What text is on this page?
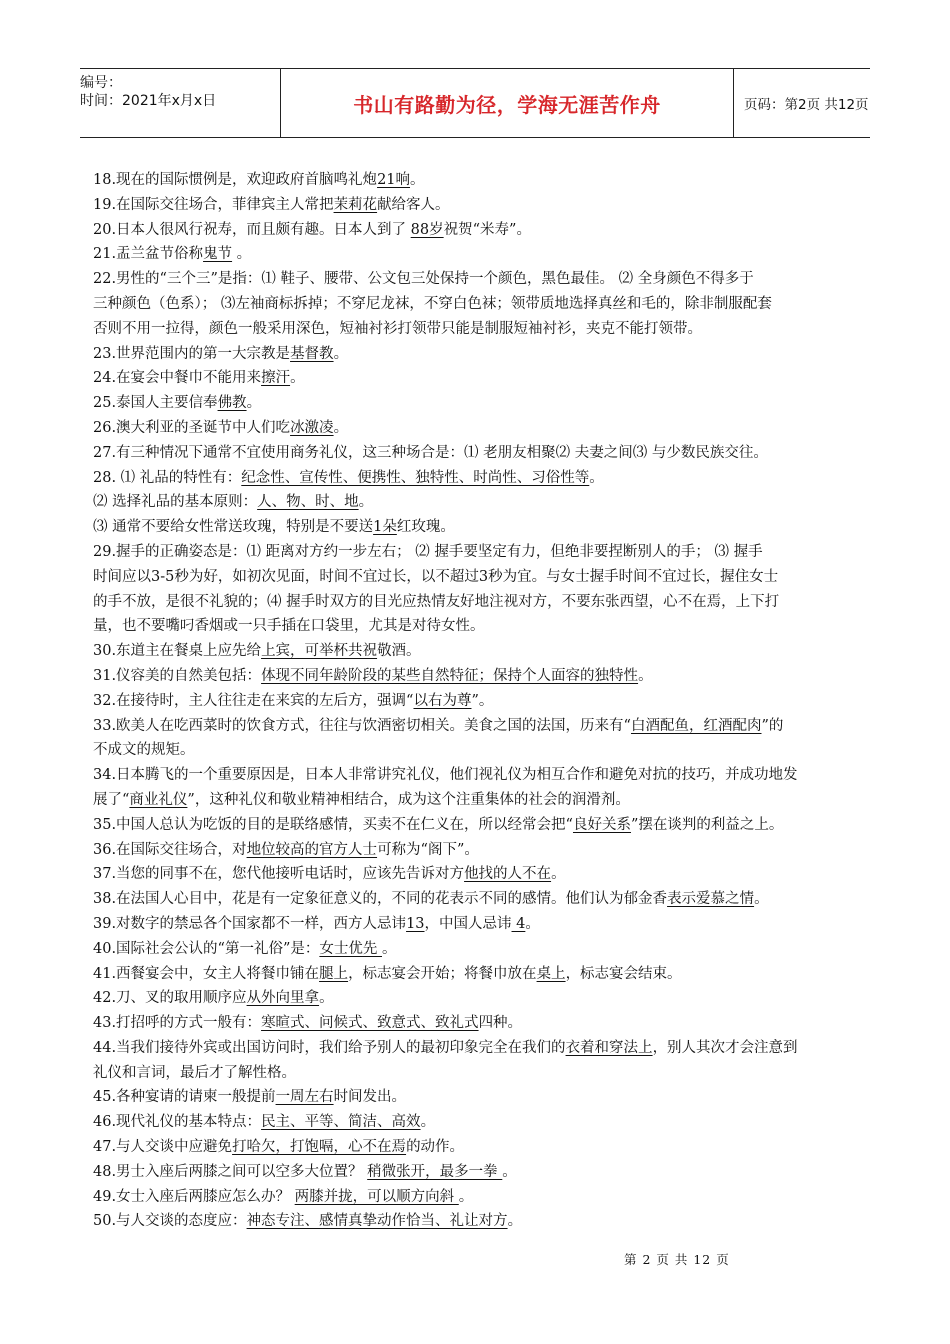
编号：
时间：2021年x月x日	书山有路勤为径，学海无涯苦作舟	页码：第2页 共12页
18.现在的国际惯例是，欢迎政府首脑鸣礼炮21响。
19.在国际交往场合，菲律宾主人常把茉莉花献给客人。
20.日本人很风行祝寿，而且颇有趣。日本人到了 88岁祝贺“米寿”。
21.盂兰盆节俗称鬼节 。
22.男性的“三个三”是指：⑴ 鞋子、腰带、公文包三处保持一个颜色，黑色最佳。 ⑵ 全身颜色不得多于
三种颜色（色系）； ⑶左袖商标拆掉；不穿尼龙袜，不穿白色袜；领带质地选择真丝和毛的，除非制服配套
否则不用一拉得，颜色一般采用深色，短袖衬衫打领带只能是制服短袖衬衫，夹克不能打领带。
23.世界范围内的第一大宗教是基督教。
24.在宴会中餐巾不能用来擦汗。
25.泰国人主要信奉佛教。
26.澳大利亚的圣诞节中人们吃冰激凌。
27.有三种情况下通常不宜使用商务礼仪，这三种场合是：⑴ 老朋友相聚⑵ 夫妻之间⑶ 与少数民族交往。
28. ⑴ 礼品的特性有：纪念性、宣传性、便携性、独特性、时尚性、习俗性等。
⑵ 选择礼品的基本原则：人、物、时、地。
⑶ 通常不要给女性常送玫瑰，特别是不要送1朵红玫瑰。
29.握手的正确姿态是：⑴ 距离对方约一步左右； ⑵ 握手要坚定有力，但绝非要捏断别人的手； ⑶ 握手
时间应以3-5秒为好，如初次见面，时间不宜过长，以不超过3秒为宜。与女士握手时间不宜过长，握住女士
的手不放，是很不礼貌的；⑷ 握手时双方的目光应热情友好地注视对方，不要东张西望，心不在焉，上下打
量，也不要嘴叼香烟或一只手插在口袋里，尤其是对待女性。
30.东道主在餐桌上应先给上宾，可举杯共祝敬酒。
31.仪容美的自然美包括：体现不同年龄阶段的某些自然特征；保持个人面容的独特性。
32.在接待时，主人往往走在来宾的左后方，强调“以右为尊”。
33.欧美人在吃西菜时的饮食方式，往往与饮酒密切相关。美食之国的法国，历来有“白酒配鱼，红酒配肉”的
不成文的规矩。
34.日本腾飞的一个重要原因是，日本人非常讲究礼仪，他们视礼仪为相互合作和避免对抗的技巧，并成功地发
展了“商业礼仪”，这种礼仪和敬业精神相结合，成为这个注重集体的社会的润滑剂。
35.中国人总认为吃饭的目的是联络感情，买卖不在仁义在，所以经常会把“良好关系”摆在谈判的利益之上。
36.在国际交往场合，对地位较高的官方人士可称为“阁下”。
37.当您的同事不在，您代他接听电话时，应该先告诉对方他找的人不在。
38.在法国人心目中，花是有一定象征意义的，不同的花表示不同的感情。他们认为郁金香表示爱慕之情。
39.对数字的禁忌各个国家都不一样，西方人忌讳13，中国人忌讳 4。
40.国际社会公认的“第一礼俗”是：女士优先 。
41.西餐宴会中，女主人将餐巾铺在腿上，标志宴会开始；将餐巾放在桌上，标志宴会结束。
42.刀、叉的取用顺序应从外向里拿。
43.打招呼的方式一般有：寒暄式、问候式、致意式、致礼式四种。
44.当我们接待外宾或出国访问时，我们给予别人的最初印象完全在我们的衣着和穿法上，别人其次才会注意到
礼仪和言词，最后才了解性格。
45.各种宴请的请柬一般提前一周左右时间发出。
46.现代礼仪的基本特点：民主、平等、简洁、高效。
47.与人交谈中应避免打哈欠，打饱嗝，心不在焉的动作。
48.男士入座后两膝之间可以空多大位置？ 稍微张开，最多一拳 。
49.女士入座后两膝应怎么办？ 两膝并拢，可以顺方向斜 。
50.与人交谈的态度应：神态专注、感情真挚动作恰当、礼让对方。
第 2 页 共 12 页
